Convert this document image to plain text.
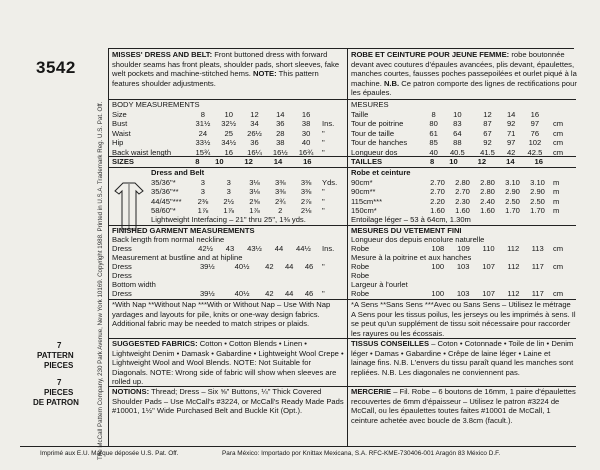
3542
The McCall Pattern Company, 230 Park Avenue, New York 10169. Copyright 1988. Printed in U.S.A. Trademark Reg. U.S. Pat. Off.
7
PATTERN
PIECES
7
PIECES
DE PATRON
MISSES' DRESS AND BELT: Front buttoned dress with forward shoulder seams has front pleats, shoulder pads, short sleeves, fake welt pockets and machine-stitched hems. NOTE: This pattern features shoulder adjustments.
BODY MEASUREMENTS
Size	8	10	12	14	16	
Bust	31½	32½	34	36	38	Ins.
Waist	24	25	26½	28	30	"
Hip	33½	34½	36	38	40	"
Back waist length	15¾	16	16¼	16½	16¾	"
SIZES	8	10	12	14	16	
Dress and Belt
35/36"*	3	3	3⅛	3⅜	3⅜	Yds.
35/36"**	3	3	3⅛	3⅜	3⅜	"
44/45"***	2⅜	2½	2⅝	2¾	2⅞	"
58/60"*	1⅞	1⅞	1⅞	2	2⅛	"
Lightweight Interfacing – 21" thru 25", 1⅜ yds.
FINISHED GARMENT MEASUREMENTS
Back length from normal neckline
Dress	42½	43	43½	44	44½	Ins.
Measurement at bustline and at hipline
Dress	39½	40½	42	44	46	"
Dress
Bottom width
Dress	39½	40½	42	44	46	"
*With Nap **Without Nap ***With or Without Nap – Use With Nap yardages and layouts for pile, knits or one-way design fabrics. Additional fabric may be needed to match stripes or plaids.
SUGGESTED FABRICS: Cotton • Cotton Blends • Linen • Lightweight Denim • Damask • Gabardine • Lightweight Wool Crepe • Lightweight Wool and Wool Blends. NOTE: Not Suitable for Diagonals. NOTE: Wrong side of fabric will show when sleeves are rolled up.
NOTIONS: Thread; Dress – Six ⅝" Buttons, ¼" Thick Covered Shoulder Pads – Use McCall's #3224, or McCall's Ready Made Pads #10001, 1½" Wide Purchased Belt and Buckle Kit (Opt.).
ROBE ET CEINTURE POUR JEUNE FEMME: robe boutonnée devant avec coutures d'épaules avancées, plis devant, épaulettes, manches courtes, fausses poches passepoilées et ourlet piqué à la machine. N.B. Ce patron comporte des lignes de rectifications pour les épaules.
MESURES
Taille	8	10	12	14	16	
Tour de poitrine	80	83	87	92	97	cm
Tour de taille	61	64	67	71	76	cm
Tour de hanches	85	88	92	97	102	cm
Longueur dos	40	40.5	41.5	42	42.5	cm
TAILLES	8	10	12	14	16	
Robe et ceinture
90cm*	2.70	2.80	2.80	3.10	3.10	m
90cm**	2.70	2.70	2.80	2.90	2.90	m
115cm***	2.20	2.30	2.40	2.50	2.50	m
150cm*	1.60	1.60	1.60	1.70	1.70	m
Entoilage léger – 53 à 64cm, 1.30m
MESURES DU VETEMENT FINI
Longueur dos depuis encolure naturelle
Robe	108	109	110	112	113	cm
Mesure à la poitrine et aux hanches
Robe	100	103	107	112	117	cm
Robe
Largeur à l'ourlet
Robe	100	103	107	112	117	cm
*A Sens **Sans Sens ***Avec ou Sans Sens – Utilisez le métrage A Sens pour les tissus poilus, les jerseys ou les imprimés à sens. Il se peut qu'un supplément de tissu soit nécessaire pour raccorder les rayures ou les écossais.
TISSUS CONSEILLES – Coton • Cotonnade • Toile de lin • Denim léger • Damas • Gabardine • Crêpe de laine léger • Laine et lainage fins. N.B. L'envers du tissu paraît quand les manches sont repliées. N.B. Les diagonales ne conviennent pas.
MERCERIE – Fil. Robe – 6 boutons de 16mm, 1 paire d'épaulettes recouvertes de 6mm d'épaisseur – Utilisez le patron #3224 de McCall, ou les épaulettes toutes faites #10001 de McCall, 1 ceinture achetée avec boucle de 3.8cm (facult.).
Imprimé aux E.U. Marque déposée U.S. Pat. Off.	Para México: Importado por Knittax Mexicana, S.A. RFC-KME-730406-001 Aragón 83 México D.F.
